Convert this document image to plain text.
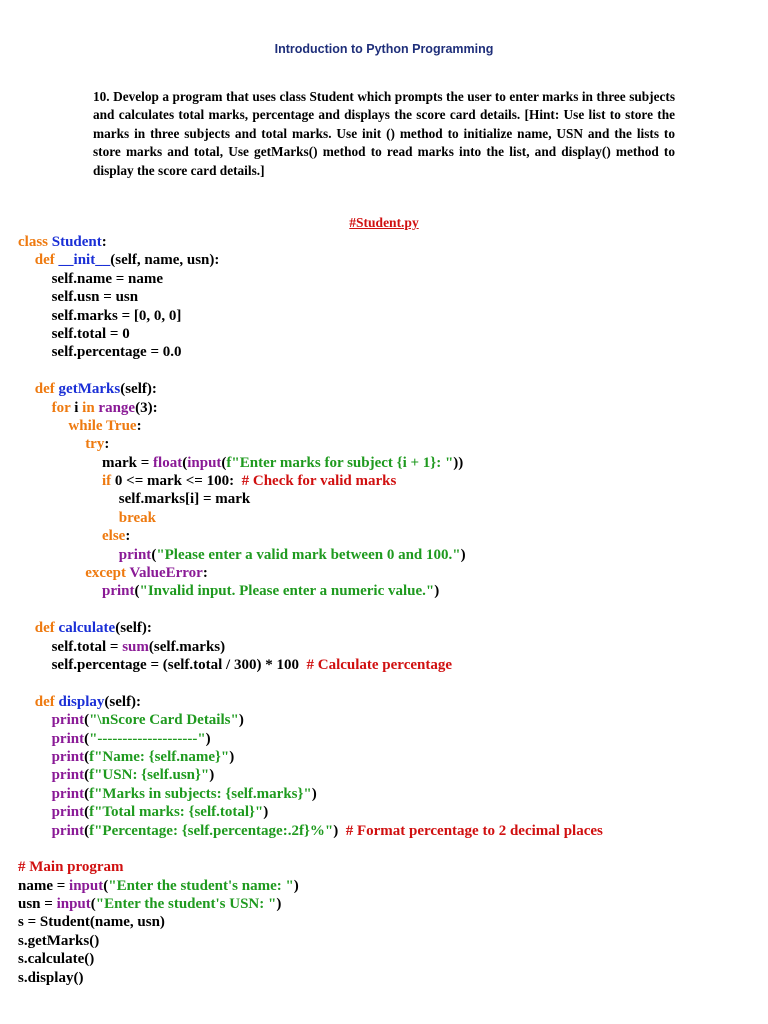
Introduction to Python Programming
10. Develop a program that uses class Student which prompts the user to enter marks in three subjects and calculates total marks, percentage and displays the score card details. [Hint: Use list to store the marks in three subjects and total marks. Use init () method to initialize name, USN and the lists to store marks and total, Use getMarks() method to read marks into the list, and display() method to display the score card details.]
#Student.py
class Student:
def __init__(self, name, usn):
self.name = name
self.usn = usn
self.marks = [0, 0, 0]
self.total = 0
self.percentage = 0.0

def getMarks(self):
for i in range(3):
while True:
try:
mark = float(input(f"Enter marks for subject {i + 1}: "))
if 0 <= mark <= 100:  # Check for valid marks
self.marks[i] = mark
break
else:
print("Please enter a valid mark between 0 and 100.")
except ValueError:
print("Invalid input. Please enter a numeric value.")

def calculate(self):
self.total = sum(self.marks)
self.percentage = (self.total / 300) * 100  # Calculate percentage

def display(self):
print("\nScore Card Details")
print("--------------------")
print(f"Name: {self.name}")
print(f"USN: {self.usn}")
print(f"Marks in subjects: {self.marks}")
print(f"Total marks: {self.total}")
print(f"Percentage: {self.percentage:.2f}%")  # Format percentage to 2 decimal places

# Main program
name = input("Enter the student's name: ")
usn = input("Enter the student's USN: ")
s = Student(name, usn)
s.getMarks()
s.calculate()
s.display()
